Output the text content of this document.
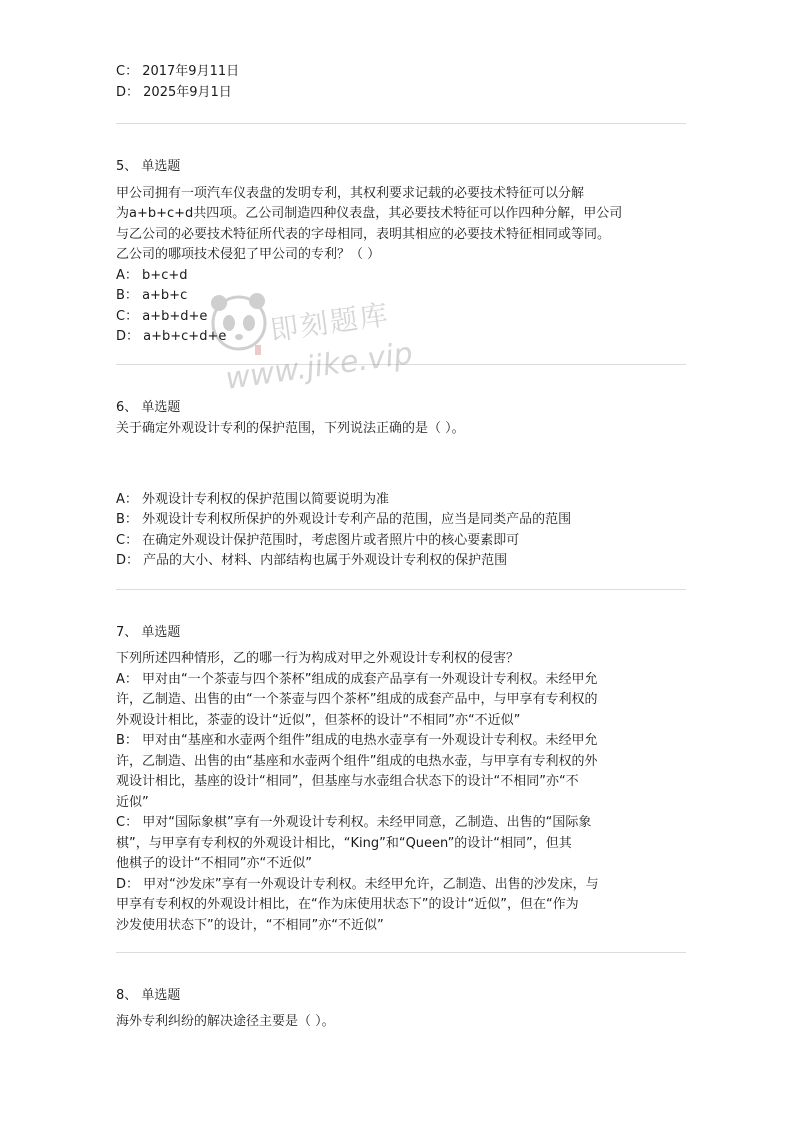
C： 2017年9月11日
D： 2025年9月1日
5、 单选题
甲公司拥有一项汽车仪表盘的发明专利，其权利要求记载的必要技术特征可以分解
为a+b+c+d共四项。乙公司制造四种仪表盘，其必要技术特征可以作四种分解，甲公司
与乙公司的必要技术特征所代表的字母相同，表明其相应的必要技术特征相同或等同。
乙公司的哪项技术侵犯了甲公司的专利？（ ）
A： b+c+d
B： a+b+c
C： a+b+d+e
D： a+b+c+d+e
6、 单选题
关于确定外观设计专利的保护范围，下列说法正确的是（ ）。
A： 外观设计专利权的保护范围以简要说明为准
B： 外观设计专利权所保护的外观设计专利产品的范围，应当是同类产品的范围
C： 在确定外观设计保护范围时，考虑图片或者照片中的核心要素即可
D： 产品的大小、材料、内部结构也属于外观设计专利权的保护范围
7、 单选题
下列所述四种情形，乙的哪一行为构成对甲之外观设计专利权的侵害？
A： 甲对由“一个茶壶与四个茶杯”组成的成套产品享有一外观设计专利权。未经甲允
许，乙制造、出售的由“一个茶壶与四个茶杯”组成的成套产品中，与甲享有专利权的
外观设计相比，茶壶的设计“近似”，但茶杯的设计“不相同”亦“不近似”
B： 甲对由“基座和水壶两个组件”组成的电热水壶享有一外观设计专利权。未经甲允
许，乙制造、出售的由“基座和水壶两个组件”组成的电热水壶，与甲享有专利权的外
观设计相比，基座的设计“相同”，但基座与水壶组合状态下的设计“不相同”亦“不
近似”
C： 甲对“国际象棋”享有一外观设计专利权。未经甲同意，乙制造、出售的“国际象
棋”，与甲享有专利权的外观设计相比，“King”和“Queen”的设计“相同”，但其
他棋子的设计“不相同”亦“不近似”
D： 甲对“沙发床”享有一外观设计专利权。未经甲允许，乙制造、出售的沙发床，与
甲享有专利权的外观设计相比，在“作为床使用状态下”的设计“近似”，但在“作为
沙发使用状态下”的设计，“不相同”亦“不近似”
8、 单选题
海外专利纠纷的解决途径主要是（ ）。
即刻题库
www.jike.vip
